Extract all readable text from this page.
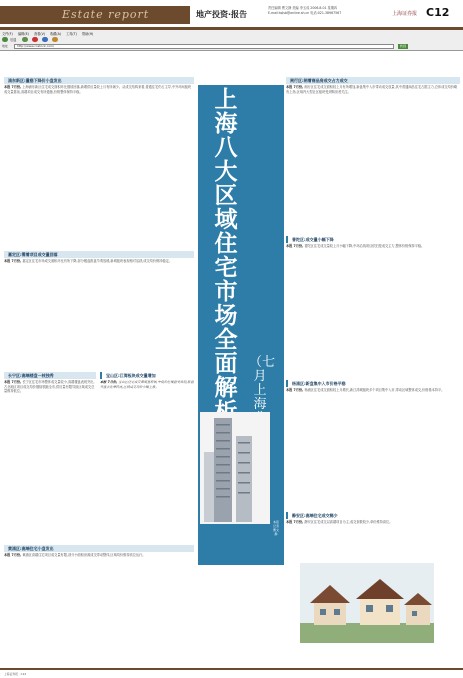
Estate report	地产投资·报告
责任编辑 曹文静 美编 李玉成 2006.8.01 星期四
E-mail:tqlsb@online.sh.cn 电话:021-38967567	上海证券报 C12
文件(F) 编辑(E) 查看(V) 收藏(A) 工具(T) 帮助(H)
后退
地址	http://www.cnstock.com/	转到
上海八大区域住宅市场全面解
（七月上海
本报记者 曹文静
浦东新区:量稳下降价小盘发出
本报 7月份, 上海浦东新区住宅成交面积环比继续回落,新增供应量较上月有所减少。从成交结构来看,普通住宅仍占主导,中外环间板块成交量靠前,高端项目成交有所萎缩,价格整体保持平稳。
嘉定区:需着项目成交量回落
本报 7月份, 嘉定区住宅市场成交面积环比有所下降,部分楼盘推盘节奏放缓,新城板块表现相对活跃,成交均价保持稳定。
长宁区:高端楼盘一枝独秀
本报 7月份, 长宁区住宅市场整体成交量较小,高端楼盘表现突出,古北地区项目成交均价继续领跑全市,供应量有限导致区域成交总量维持低位。
黄浦区:高端住宅小盘发出
本报 7月份, 黄浦区高端住宅项目成交量有限,部分小面积房源成交带动整体,区域均价维持高位运行。
宝山区:江湾板块成交量增加
本报 7月份, 宝山区住宅成交量明显增加,中低价位楼盘受欢迎,新盘开盘去化率较高,区域成交均价小幅上涨。
闸行区:闸着商品房成交占力成交
本报 7月份, 闸行区住宅成交面积较上月有所增加,新盘集中入市带动成交放量,其中普通商品住宅占据主力,总体成交均价略有上扬,区域内大型社区板块受到购房者关注。
普陀区:成交量小幅下降
本报 7月份, 普陀区住宅成交量较上月小幅下降,中环沿线项目依旧是成交主力,整体价格保持平稳。
杨浦区:新盘集中入市价格平稳
本报 7月份, 杨浦区住宅成交面积较上月增长,新江湾城板块多个项目集中入市,带动区域整体成交,价格基本持平。
静安区:高端住宅成交稀少
本报 7月份, 静安区住宅成交以高端项目为主,成交套数较少,单价维持高位。
上海证券报 · C12
